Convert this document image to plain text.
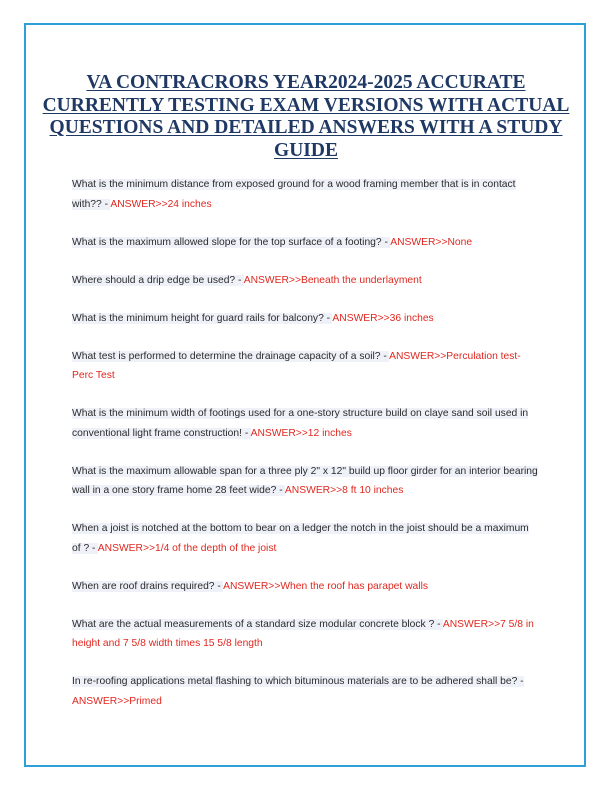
VA CONTRACRORS YEAR2024-2025 ACCURATE CURRENTLY TESTING EXAM VERSIONS WITH ACTUAL QUESTIONS AND DETAILED ANSWERS WITH A STUDY GUIDE

What is the minimum distance from exposed ground for a wood framing member that is in contact with?? - ANSWER>>24 inches

What is the maximum allowed slope for the top surface of a footing? - ANSWER>>None

Where should a drip edge be used? - ANSWER>>Beneath the underlayment

What is the minimum height for guard rails for balcony? - ANSWER>>36 inches

What test is performed to determine the drainage capacity of a soil? - ANSWER>>Perculation test- Perc Test

What is the minimum width of footings used for a one-story structure build on claye sand soil used in conventional light frame construction! - ANSWER>>12 inches

What is the maximum allowable span for a three ply 2" x 12" build up floor girder for an interior bearing wall in a one story frame home 28 feet wide? - ANSWER>>8 ft 10 inches

When a joist is notched at the bottom to bear on a ledger the notch in the joist should be a maximum of ? - ANSWER>>1/4 of the depth of the joist

When are roof drains required? - ANSWER>>When the roof has parapet walls

What are the actual measurements of a standard size modular concrete block ? - ANSWER>>7 5/8 in height and 7 5/8 width times 15 5/8 length

In re-roofing applications metal flashing to which bituminous materials are to be adhered shall be? - ANSWER>>Primed
